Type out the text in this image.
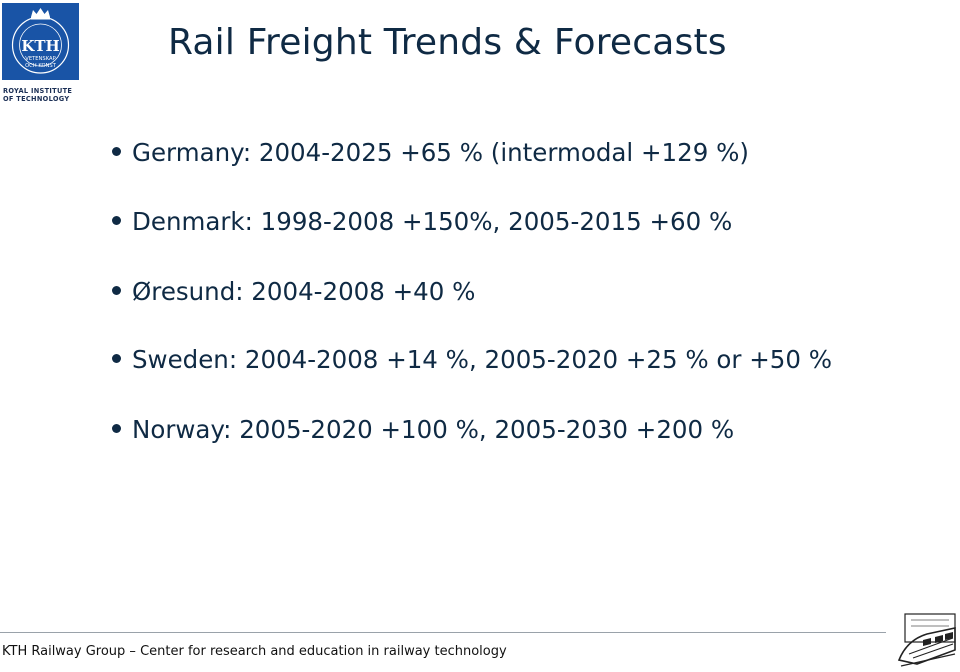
KTH
VETENSKAP
OCH KONST
ROYAL INSTITUTE
OF TECHNOLOGY
Rail Freight Trends & Forecasts
Germany: 2004-2025 +65 % (intermodal +129 %)
Denmark: 1998-2008 +150%, 2005-2015 +60 %
Øresund: 2004-2008 +40 %
Sweden: 2004-2008 +14 %, 2005-2020 +25 % or +50 %
Norway: 2005-2020 +100 %, 2005-2030 +200 %
KTH Railway Group – Center for research and education in railway technology
